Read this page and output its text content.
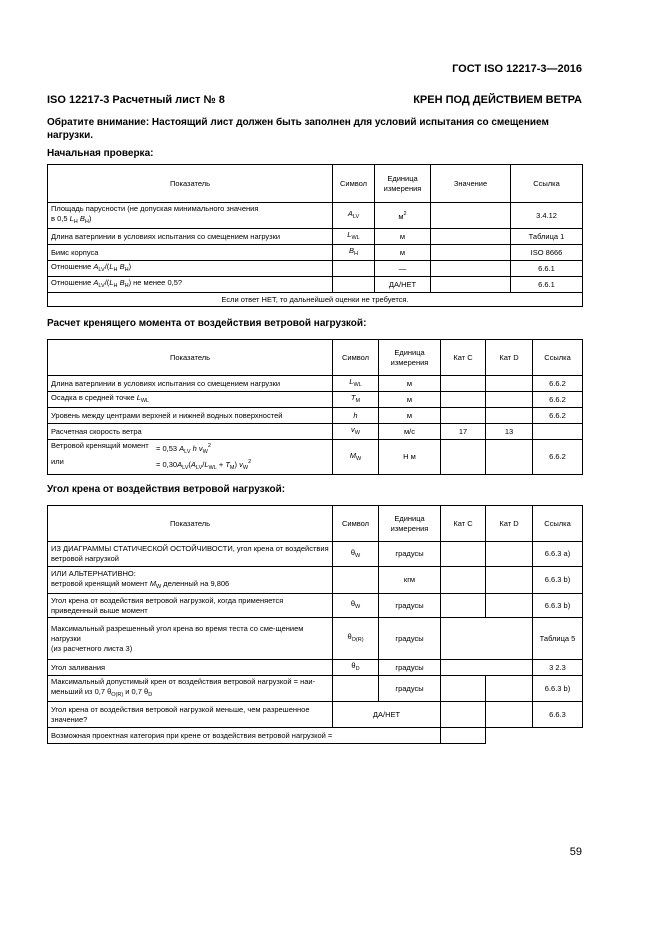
ГОСТ ISO 12217-3—2016
ISO 12217-3 Расчетный лист № 8	КРЕН ПОД ДЕЙСТВИЕМ ВЕТРА
Обратите внимание: Настоящий лист должен быть заполнен для условий испытания со смещением нагрузки.
Начальная проверка:
Показатель	Символ	Единица измерения	Значение	Ссылка
Площадь парусности (не допуская минимального значения
в 0,5 $L_H$ $B_H$)	$A_{LV}$	$м^2$		3.4.12
Длина ватерлинии в условиях испытания со смещением нагрузки	$L_{WL}$	м		Таблица 1
Бимс корпуса	$B_H$	м		ISO 8666
Отношение $A_{LV}/(L_H$ $B_H$)		—		6.6.1
Отношение $A_{LV}/(L_H$ $B_H$) не менее 0,5?		ДА/НЕТ		6.6.1
Если ответ НЕТ, то дальнейшей оценки не требуется.				
Расчет кренящего момента от воздействия ветровой нагрузкой:
Показатель	Символ	Единица измерения	Кат C	Кат D	Ссылка
Длина ватерлинии в условиях испытания со смещением нагрузки	$L_{WL}$	м			6.6.2
Осадка в средней точке $L_{WL}$	$T_M$	м			6.6.2
Уровень между центрами верхней и нижней водных поверхностей	h	м			6.6.2
Расчетная скорость ветра	$v_W$	м/с	17	13	

Ветровой кренящий момент = 0,53 $A_{LV}$ h $v_W^2$
или = $0,30A_{LV}(A_{LV}/L_{WL} + T_M)$ $v_W^2$	$M_W$	Н м			6.6.2
Угол крена от воздействия ветровой нагрузкой:
Показатель	Символ	Единица измерения	Кат C	Кат D	Ссылка
ИЗ ДИАГРАММЫ СТАТИЧЕСКОЙ ОСТОЙЧИВОСТИ, угол крена от воздействия ветровой нагрузкой	$\theta_W$	градусы			6.6.3 a)
ИЛИ АЛЬТЕРНАТИВНО:
ветровой кренящий момент $M_W$ деленный на 9,806		кгм			6.6.3 b)
Угол крена от воздействия ветровой нагрузкой, когда применяется приведенный выше момент	$\theta_W$	градусы			6.6.3 b)
Максимальный разрешенный угол крена во время теста со сме-щением нагрузки
(из расчетного листа 3)	$\theta_{O(R)}$	градусы			Таблица 5
Угол заливания	$\theta_D$	градусы			3 2.3
Максимальный допустимый крен от воздействия ветровой нагрузкой = наи-меньший из 0,7 $\theta_{O(R)}$ и 0,7 $\theta_D$		градусы			6.6.3 b)
Угол крена от воздействия ветровой нагрузкой меньше, чем разрешенное значение?	ДА/НЕТ				6.6.3
Возможная проектная категория при крене от воздействия ветровой нагрузкой =					
59
